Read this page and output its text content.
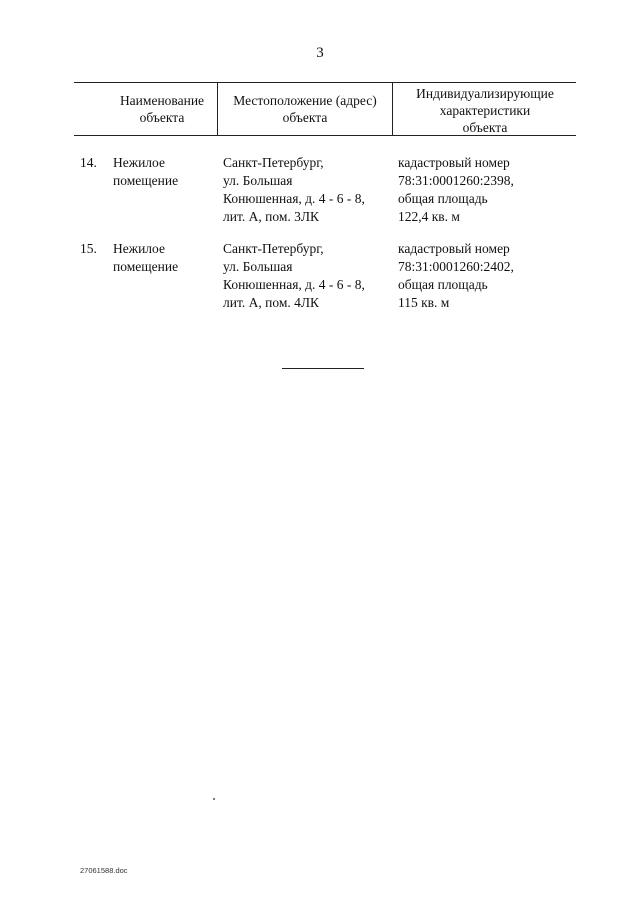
3
Наименование
объекта
Местоположение (адрес)
объекта
Индивидуализирующие
характеристики
объекта
14.	Нежилое
помещение
Санкт-Петербург,
ул. Большая
Конюшенная, д. 4 - 6 - 8,
лит. А, пом. 3ЛК
кадастровый номер
78:31:0001260:2398,
общая площадь
122,4 кв. м
15.	Нежилое
помещение
Санкт-Петербург,
ул. Большая
Конюшенная, д. 4 - 6 - 8,
лит. А, пом. 4ЛК
кадастровый номер
78:31:0001260:2402,
общая площадь
115 кв. м
27061588.doc
